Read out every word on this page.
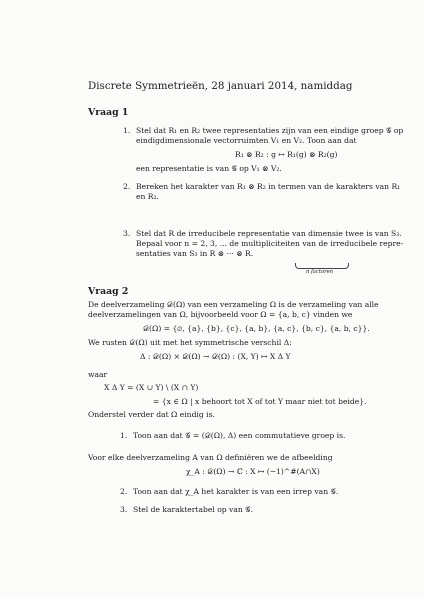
Discrete Symmetrieën, 28 januari 2014, namiddag
Vraag 1
1. Stel dat R₁ en R₂ twee representaties zijn van een eindige groep 𝒢 op
eindigdimensionale vectorruimten V₁ en V₂. Toon aan dat
R₁ ⊗ R₂ : g ↦ R₁(g) ⊗ R₂(g)
een representatie is van 𝒢 op V₁ ⊗ V₂.
2. Bereken het karakter van R₁ ⊗ R₂ in termen van de karakters van R₁
en R₂.
3. Stel dat R de irreducibele representatie van dimensie twee is van S₃.
Bepaal voor n = 2, 3, ... de multipliciteiten van de irreducibele repre-
sentaties van S₃ in R ⊗ ··· ⊗ R.
n factoren
Vraag 2
De deelverzameling 𝒟(Ω) van een verzameling Ω is de verzameling van alle
deelverzamelingen van Ω, bijvoorbeeld voor Ω = {a, b, c} vinden we
𝒟(Ω) = {∅, {a}, {b}, {c}, {a, b}, {a, c}, {b, c}, {a, b, c}}.
We rusten 𝒟(Ω) uit met het symmetrische verschil Δ:
Δ : 𝒟(Ω) × 𝒟(Ω) → 𝒟(Ω) : (X, Y) ↦ X Δ Y
waar
X Δ Y = (X ∪ Y) \ (X ∩ Y)
= {x ∈ Ω | x behoort tot X of tot Y maar niet tot beide}.
Onderstel verder dat Ω eindig is.
1. Toon aan dat 𝒢 = (𝒟(Ω), Δ) een commutatieve groep is.
Voor elke deelverzameling A van Ω definiëren we de afbeelding
χ_A : 𝒟(Ω) → ℂ : X ↦ (−1)^#(A∩X)
2. Toon aan dat χ_A het karakter is van een irrep van 𝒢.
3. Stel de karaktertabel op van 𝒢.
